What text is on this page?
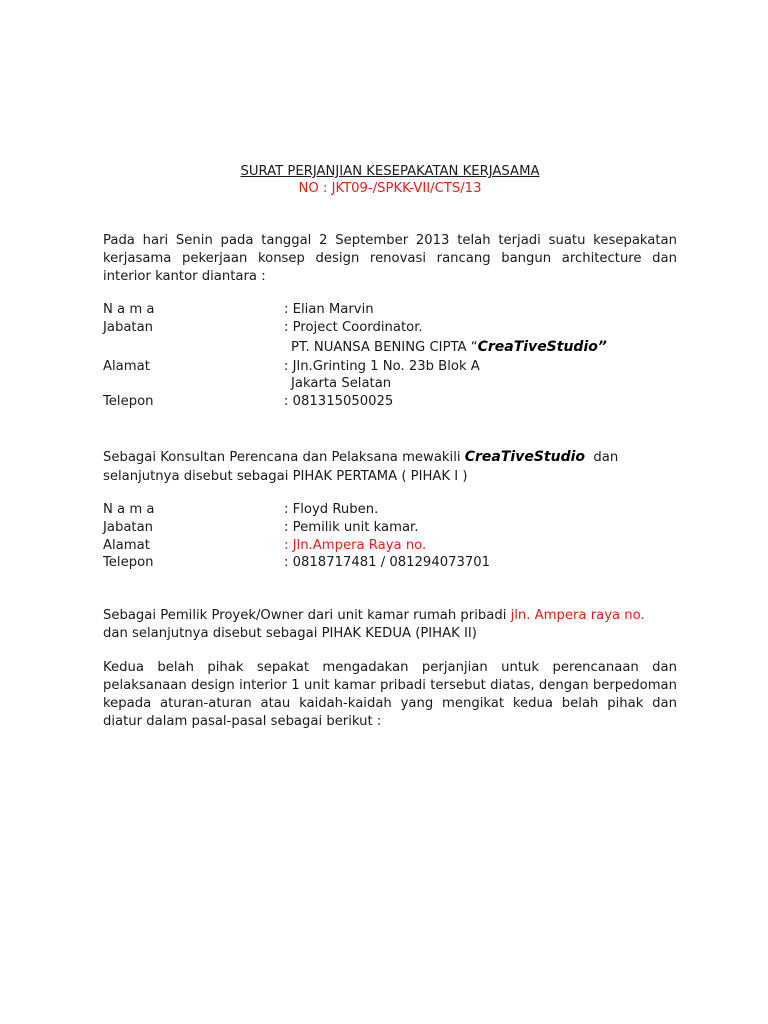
SURAT PERJANJIAN KESEPAKATAN KERJASAMA
NO : JKT09-/SPKK-VII/CTS/13

Pada hari Senin pada tanggal 2 September 2013 telah terjadi suatu kesepakatan kerjasama pekerjaan konsep design renovasi rancang bangun architecture dan interior kantor diantara :

N a m a	: Elian Marvin
Jabatan	: Project Coordinator.
PT. NUANSA BENING CIPTA “CreaTiveStudio”
Alamat	: Jln.Grinting 1 No. 23b Blok A
Jakarta Selatan
Telepon	: 081315050025
Sebagai Konsultan Perencana dan Pelaksana mewakili CreaTiveStudio  dan
selanjutnya disebut sebagai PIHAK PERTAMA ( PIHAK I )
N a m a	: Floyd Ruben.
Jabatan	: Pemilik unit kamar.
Alamat	: Jln.Ampera Raya no.
Telepon	: 0818717481 / 081294073701
Sebagai Pemilik Proyek/Owner dari unit kamar rumah pribadi jln. Ampera raya no.
dan selanjutnya disebut sebagai PIHAK KEDUA (PIHAK II)

Kedua belah pihak sepakat mengadakan perjanjian untuk perencanaan dan pelaksanaan design interior 1 unit kamar pribadi tersebut diatas, dengan berpedoman kepada aturan-aturan atau kaidah-kaidah yang mengikat kedua belah pihak dan diatur dalam pasal-pasal sebagai berikut :
